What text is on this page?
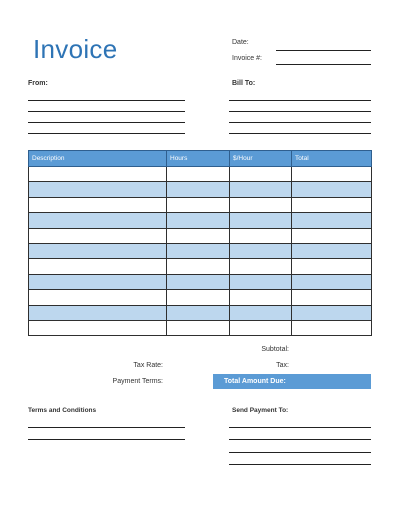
Invoice	Date:
Invoice #:
From:	Bill To:
Description	Hours	$/Hour	Total

Subtotal:
Tax Rate:	Tax:
Payment Terms:	Total Amount Due:
Terms and Conditions	Send Payment To:
